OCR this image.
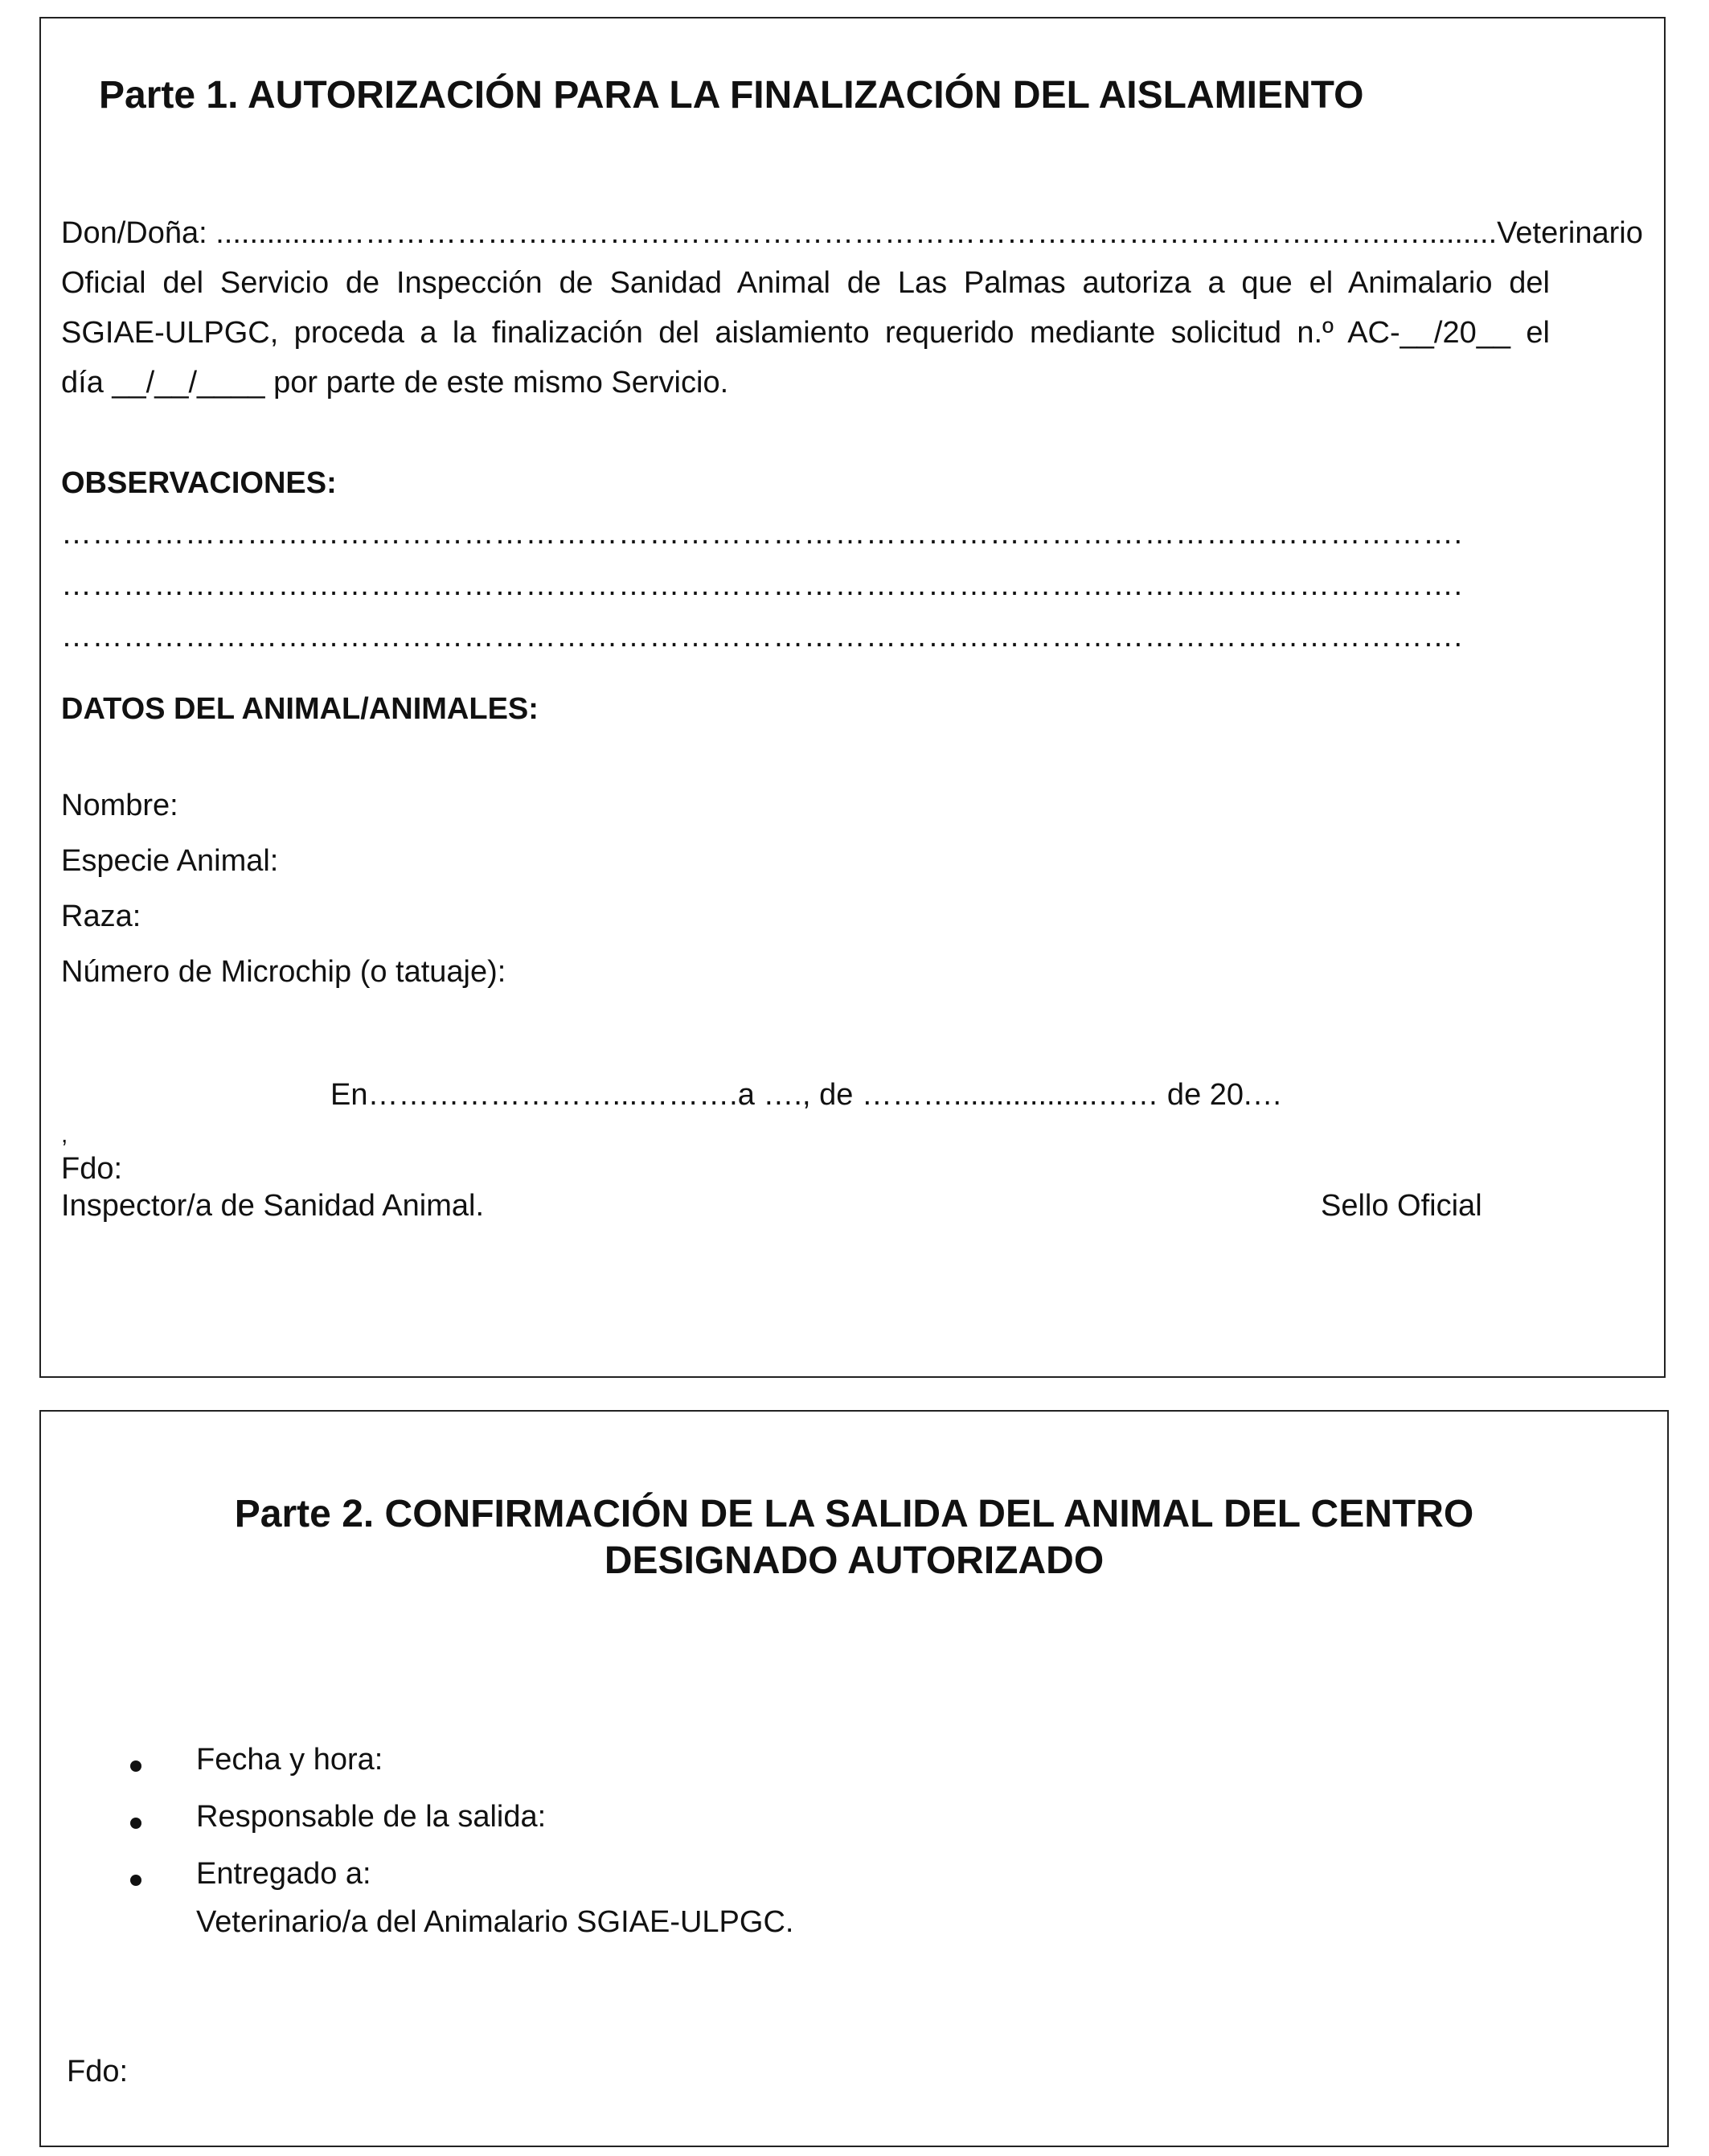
Parte 1. AUTORIZACIÓN PARA LA FINALIZACIÓN DEL AISLAMIENTO
Don/Doña: ..............…………………………………………………………………………………….…….….........Veterinario
Oficial del Servicio de Inspección de Sanidad Animal de Las Palmas autoriza a que el Animalario del
SGIAE-ULPGC, proceda a la finalización del aislamiento requerido mediante solicitud n.º AC-__/20__ el
día __/__/____ por parte de este mismo Servicio.
OBSERVACIONES:
……………………………………………………………………………………………………………………….
……………………………………………………………………………………………………………………….
……………………………………………………………………………………………………………………….
DATOS DEL ANIMAL/ANIMALES:
Nombre:
Especie Animal:
Raza:
Número de Microchip (o tatuaje):
En……………………...……….a …., de ……….................…… de 20.…
,
Fdo:
Inspector/a de Sanidad Animal.	Sello Oficial
Parte 2. CONFIRMACIÓN DE LA SALIDA DEL ANIMAL DEL CENTRO
DESIGNADO AUTORIZADO
Fecha y hora:
Responsable de la salida:
Entregado a:
Veterinario/a del Animalario SGIAE-ULPGC.
Fdo:
